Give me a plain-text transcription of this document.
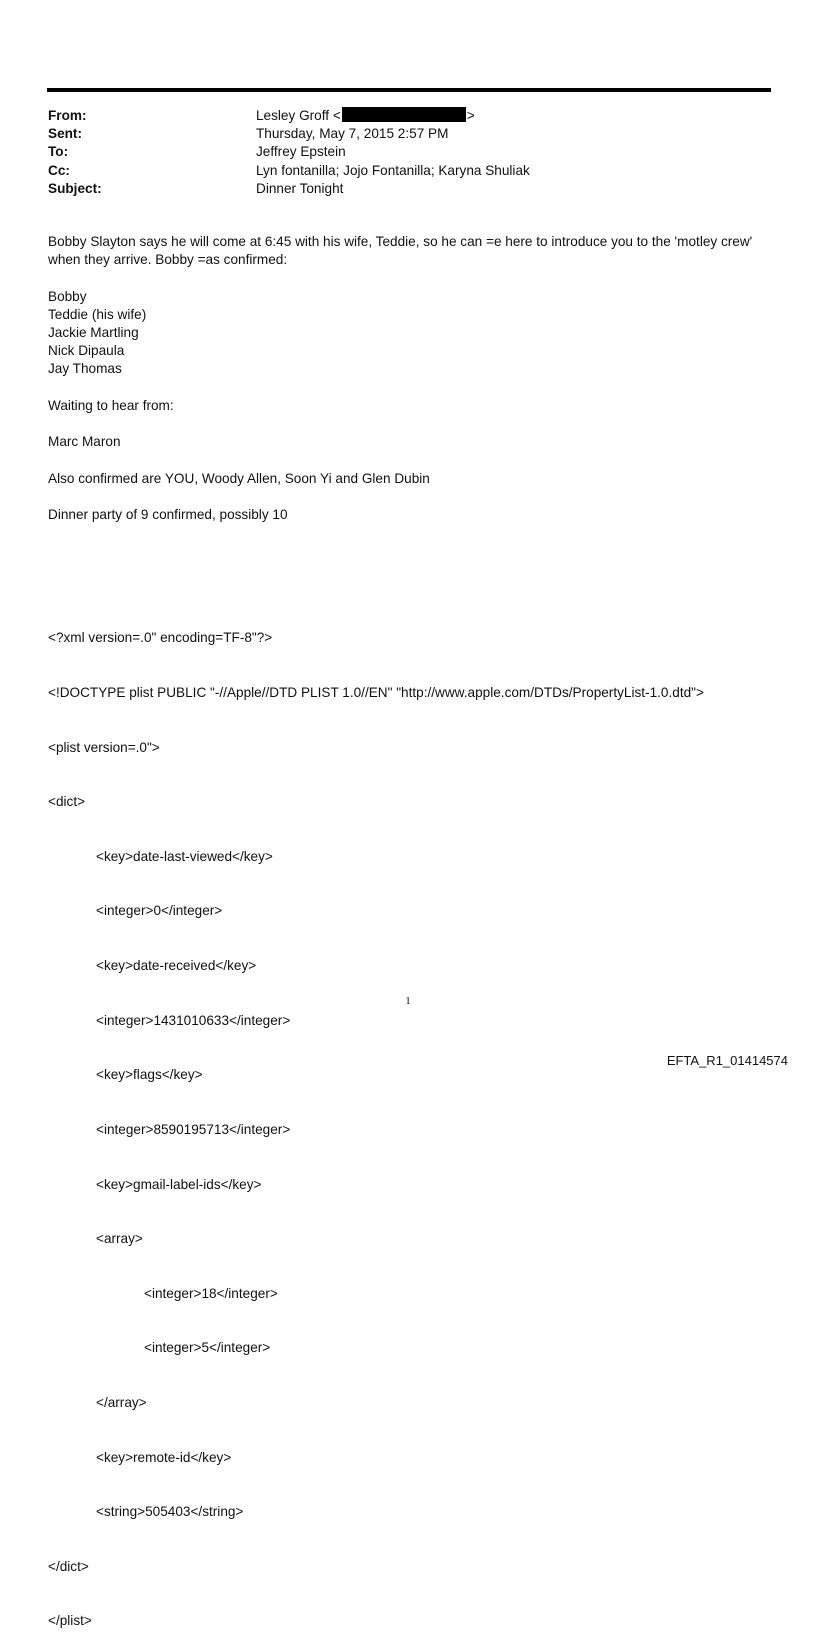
From:	Lesley Groff <	>
Sent:	Thursday, May 7, 2015 2:57 PM
To:	Jeffrey Epstein
Cc:	Lyn fontanilla; Jojo Fontanilla; Karyna Shuliak
Subject:	Dinner Tonight

Bobby Slayton says he will come at 6:45 with his wife, Teddie, so he can =e here to introduce you to the 'motley crew' when they arrive. Bobby =as confirmed:

Bobby
Teddie (his wife)
Jackie Martling
Nick Dipaula
Jay Thomas

Waiting to hear from:

Marc Maron

Also confirmed are YOU, Woody Allen, Soon Yi and Glen Dubin

Dinner party of 9 confirmed, possibly 10

<?xml version=.0" encoding=TF-8"?>

<!DOCTYPE plist PUBLIC "-//Apple//DTD PLIST 1.0//EN" "http://www.apple.com/DTDs/PropertyList-1.0.dtd">

<plist version=.0">

<dict>

<key>date-last-viewed</key>

<integer>0</integer>

<key>date-received</key>

<integer>1431010633</integer>

<key>flags</key>

<integer>8590195713</integer>

<key>gmail-label-ids</key>

<array>

<integer>18</integer>

<integer>5</integer>

</array>

<key>remote-id</key>

<string>505403</string>

</dict>

</plist>

1
EFTA_R1_01414574
